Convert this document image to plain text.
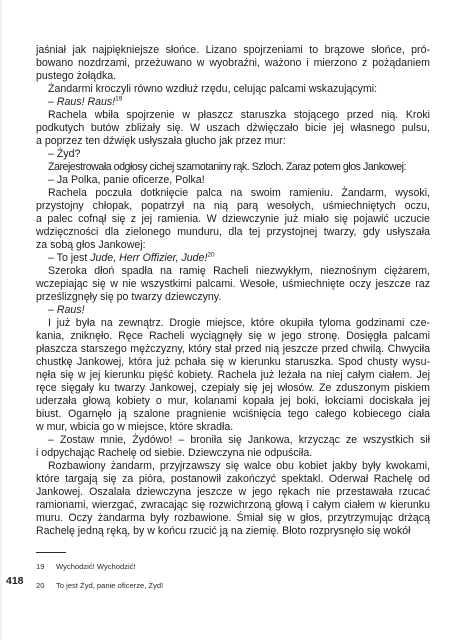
jaśniał jak najpiękniejsze słońce. Lizano spojrzeniami to brązowe słońce, pró-
bowano nozdrzami, przeżuwano w wyobraźni, ważono i mierzono z pożądaniem
pustego żołądka.
Żandarmi kroczyli równo wzdłuż rzędu, celując palcami wskazującymi:
– Raus! Raus!$^{19}$
Rachela wbiła spojrzenie w płaszcz staruszka stojącego przed nią. Kroki
podkutych butów zbliżały się. W uszach dźwięczało bicie jej własnego pulsu,
a poprzez ten dźwięk usłyszała głucho jak przez mur:
– Żyd?
Zarejestrowała odgłosy cichej szamotaniny rąk. Szloch. Zaraz potem głos Jankowej:
– Ja Polka, panie oficerze, Polka!
Rachela poczuła dotknięcie palca na swoim ramieniu. Żandarm, wysoki,
przystojny chłopak, popatrzył na nią parą wesołych, uśmiechniętych oczu,
a palec cofnął się z jej ramienia. W dziewczynie już miało się pojawić uczucie
wdzięczności dla zielonego munduru, dla tej przystojnej twarzy, gdy usłyszała
za sobą głos Jankowej:
– To jest Jude, Herr Offizier, Jude!$^{20}$
Szeroka dłoń spadła na ramię Racheli niezwykłym, nieznośnym ciężarem,
wczepiając się w nie wszystkimi palcami. Wesołe, uśmiechnięte oczy jeszcze raz
prześlizgnęły się po twarzy dziewczyny.
– Raus!
I już była na zewnątrz. Drogie miejsce, które okupiła tyloma godzinami cze-
kania, zniknęło. Ręce Racheli wyciągnęły się w jego stronę. Dosięgła palcami
płaszcza starszego mężczyzny, który stał przed nią jeszcze przed chwilą. Chwyciła
chustkę Jankowej, która już pchała się w kierunku staruszka. Spod chusty wysu-
nęła się w jej kierunku pięść kobiety. Rachela już leżała na niej całym ciałem. Jej
ręce sięgały ku twarzy Jankowej, czepiały się jej włosów. Ze zduszonym piskiem
uderzała głową kobiety o mur, kolanami kopała jej boki, łokciami dociskała jej
biust. Ogarnęło ją szalone pragnienie wciśnięcia tego całego kobiecego ciała
w mur, wbicia go w miejsce, które skradła.
– Zostaw mnie, Żydówo! – broniła się Jankowa, krzycząc ze wszystkich sił
i odpychając Rachelę od siebie. Dziewczyna nie odpuściła.
Rozbawiony żandarm, przyjrzawszy się walce obu kobiet jakby były kwokami,
które targają się za pióra, postanowił zakończyć spektakl. Oderwał Rachelę od
Jankowej. Oszalała dziewczyna jeszcze w jego rękach nie przestawała rzucać
ramionami, wierzgać, zwracając się rozwichrzoną głową i całym ciałem w kierunku
muru. Oczy żandarma były rozbawione. Śmiał się w głos, przytrzymując drżącą
Rachelę jedną ręką, by w końcu rzucić ją na ziemię. Błoto rozprysnęło się wokół
19 Wychodzić! Wychodzić!
20 To jest Żyd, panie oficerze, Żyd!
418
